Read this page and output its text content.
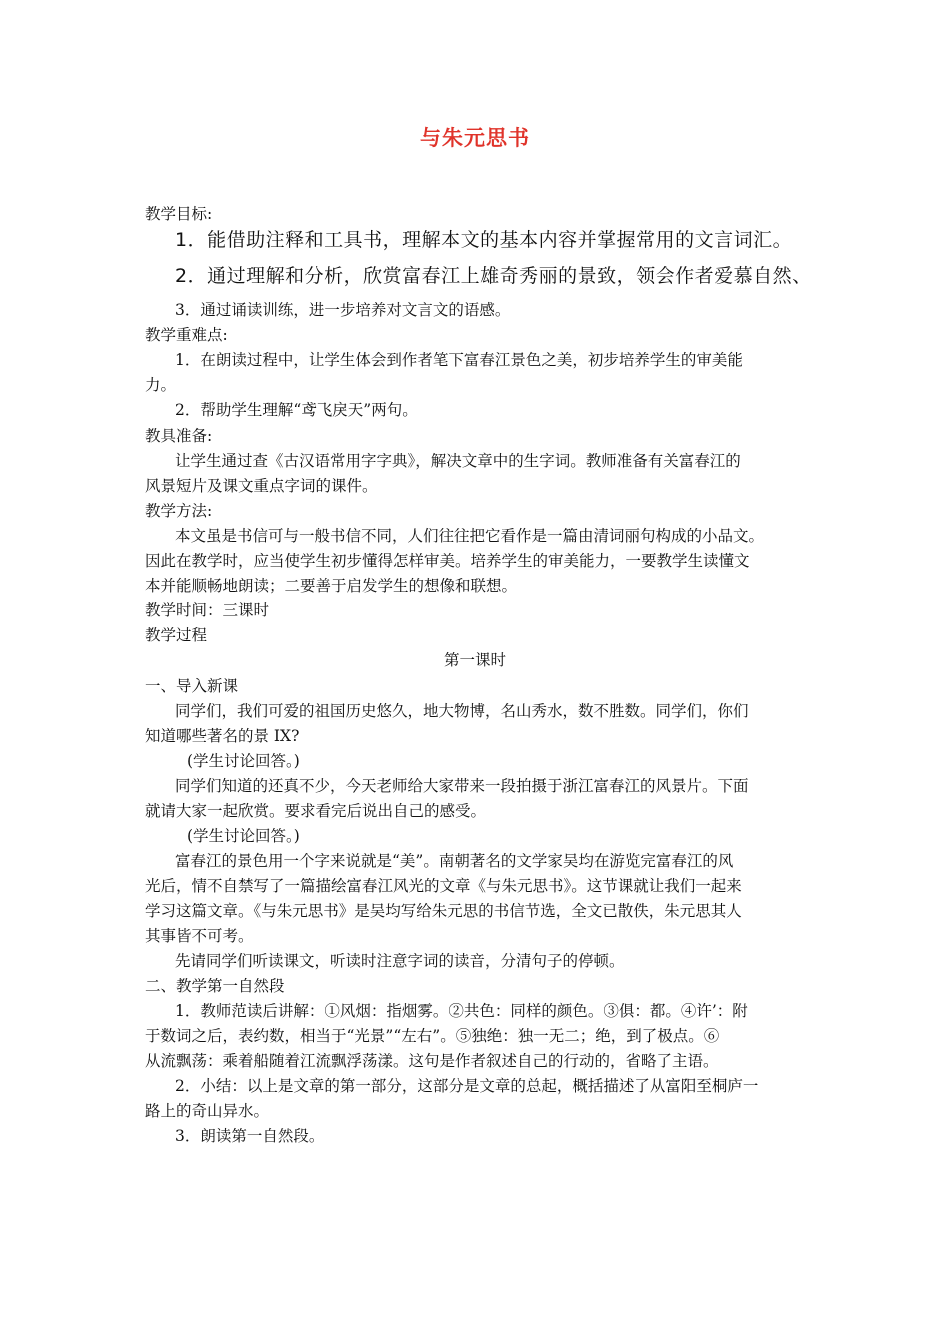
与朱元思书
教学目标:
1．能借助注释和工具书，理解本文的基本内容并掌握常用的文言词汇。
2．通过理解和分析，欣赏富春江上雄奇秀丽的景致，领会作者爱慕自然、
3．通过诵读训练，进一步培养对文言文的语感。
教学重难点:
1．在朗读过程中，让学生体会到作者笔下富春江景色之美，初步培养学生的审美能
力。
2．帮助学生理解“鸢飞戾天”两句。
教具准备:
让学生通过查《古汉语常用字字典》，解决文章中的生字词。教师准备有关富春江的
风景短片及课文重点字词的课件。
教学方法:
本文虽是书信可与一般书信不同，人们往往把它看作是一篇由清词丽句构成的小品文。
因此在教学时，应当使学生初步懂得怎样审美。培养学生的审美能力，一要教学生读懂文
本并能顺畅地朗读；二要善于启发学生的想像和联想。
教学时间：三课时
教学过程
第一课时
一、导入新课
同学们，我们可爱的祖国历史悠久，地大物博，名山秀水，数不胜数。同学们，你们
知道哪些著名的景 IX?
(学生讨论回答。)
同学们知道的还真不少，今天老师给大家带来一段拍摄于浙江富春江的风景片。下面
就请大家一起欣赏。要求看完后说出自己的感受。
(学生讨论回答。)
富春江的景色用一个字来说就是“美”。南朝著名的文学家吴均在游览完富春江的风
光后，情不自禁写了一篇描绘富春江风光的文章《与朱元思书》。这节课就让我们一起来
学习这篇文章。《与朱元思书》是吴均写给朱元思的书信节选，全文已散佚，朱元思其人
其事皆不可考。
先请同学们听读课文，听读时注意字词的读音，分清句子的停顿。
二、教学第一自然段
1．教师范读后讲解：①风烟：指烟雾。②共色：同样的颜色。③俱：都。④许’：附
于数词之后，表约数，相当于“光景”“左右”。⑤独绝：独一无二；绝，到了极点。⑥
从流飘荡：乘着船随着江流飘浮荡漾。这句是作者叙述自己的行动的，省略了主语。
2．小结：以上是文章的第一部分，这部分是文章的总起，概括描述了从富阳至桐庐一
路上的奇山异水。
3．朗读第一自然段。
